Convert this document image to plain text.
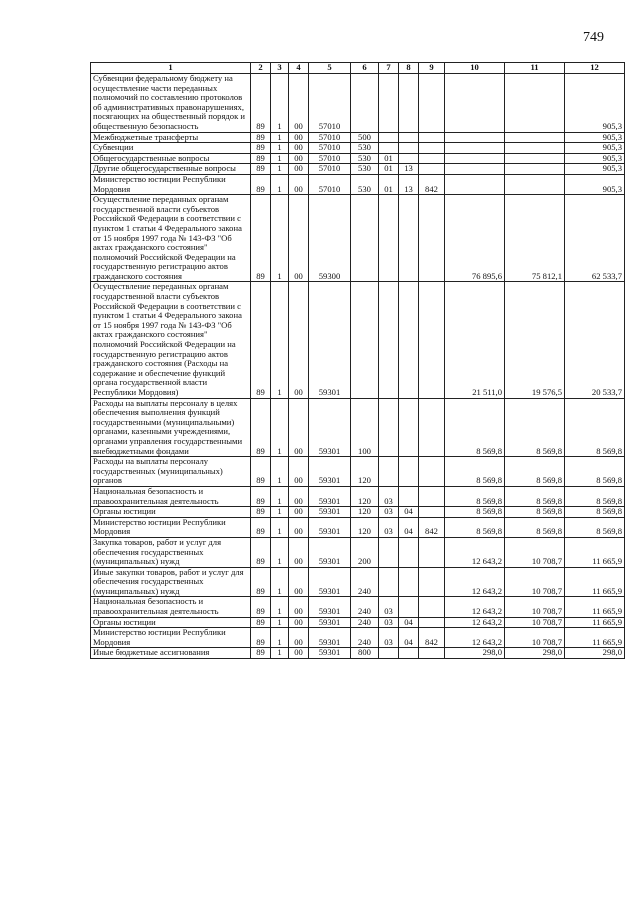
749
1	2	3	4	5	6	7	8	9	10	11	12
Субвенции федеральному бюджету на осуществление части переданных полномочий по составлению протоколов об административных правонарушениях, посягающих на общественный порядок и общественную безопасность	89	1	00	57010							905,3
Межбюджетные трансферты	89	1	00	57010	500						905,3
Субвенции	89	1	00	57010	530						905,3
Общегосударственные вопросы	89	1	00	57010	530	01					905,3
Другие общегосударственные вопросы	89	1	00	57010	530	01	13				905,3
Министерство юстиции Республики Мордовия	89	1	00	57010	530	01	13	842			905,3
Осуществление переданных органам государственной власти субъектов Российской Федерации в соответствии с пунктом 1 статьи 4 Федерального закона от 15 ноября 1997 года № 143-ФЗ "Об актах гражданского состояния" полномочий Российской Федерации на государственную регистрацию актов гражданского состояния	89	1	00	59300					76 895,6	75 812,1	62 533,7
Осуществление переданных органам государственной власти субъектов Российской Федерации в соответствии с пунктом 1 статьи 4 Федерального закона от 15 ноября 1997 года № 143-ФЗ "Об актах гражданского состояния" полномочий Российской Федерации на государственную регистрацию актов гражданского состояния (Расходы на содержание и обеспечение функций органа государственной власти Республики Мордовия)	89	1	00	59301					21 511,0	19 576,5	20 533,7
Расходы на выплаты персоналу в целях обеспечения выполнения функций государственными (муниципальными) органами, казенными учреждениями, органами управления государственными внебюджетными фондами	89	1	00	59301	100				8 569,8	8 569,8	8 569,8
Расходы на выплаты персоналу государственных (муниципальных) органов	89	1	00	59301	120				8 569,8	8 569,8	8 569,8
Национальная безопасность и правоохранительная деятельность	89	1	00	59301	120	03			8 569,8	8 569,8	8 569,8
Органы юстиции	89	1	00	59301	120	03	04		8 569,8	8 569,8	8 569,8
Министерство юстиции Республики Мордовия	89	1	00	59301	120	03	04	842	8 569,8	8 569,8	8 569,8
Закупка товаров, работ и услуг для обеспечения государственных (муниципальных) нужд	89	1	00	59301	200				12 643,2	10 708,7	11 665,9
Иные закупки товаров, работ и услуг для обеспечения государственных (муниципальных) нужд	89	1	00	59301	240				12 643,2	10 708,7	11 665,9
Национальная безопасность и правоохранительная деятельность	89	1	00	59301	240	03			12 643,2	10 708,7	11 665,9
Органы юстиции	89	1	00	59301	240	03	04		12 643,2	10 708,7	11 665,9
Министерство юстиции Республики Мордовия	89	1	00	59301	240	03	04	842	12 643,2	10 708,7	11 665,9
Иные бюджетные ассигнования	89	1	00	59301	800				298,0	298,0	298,0
